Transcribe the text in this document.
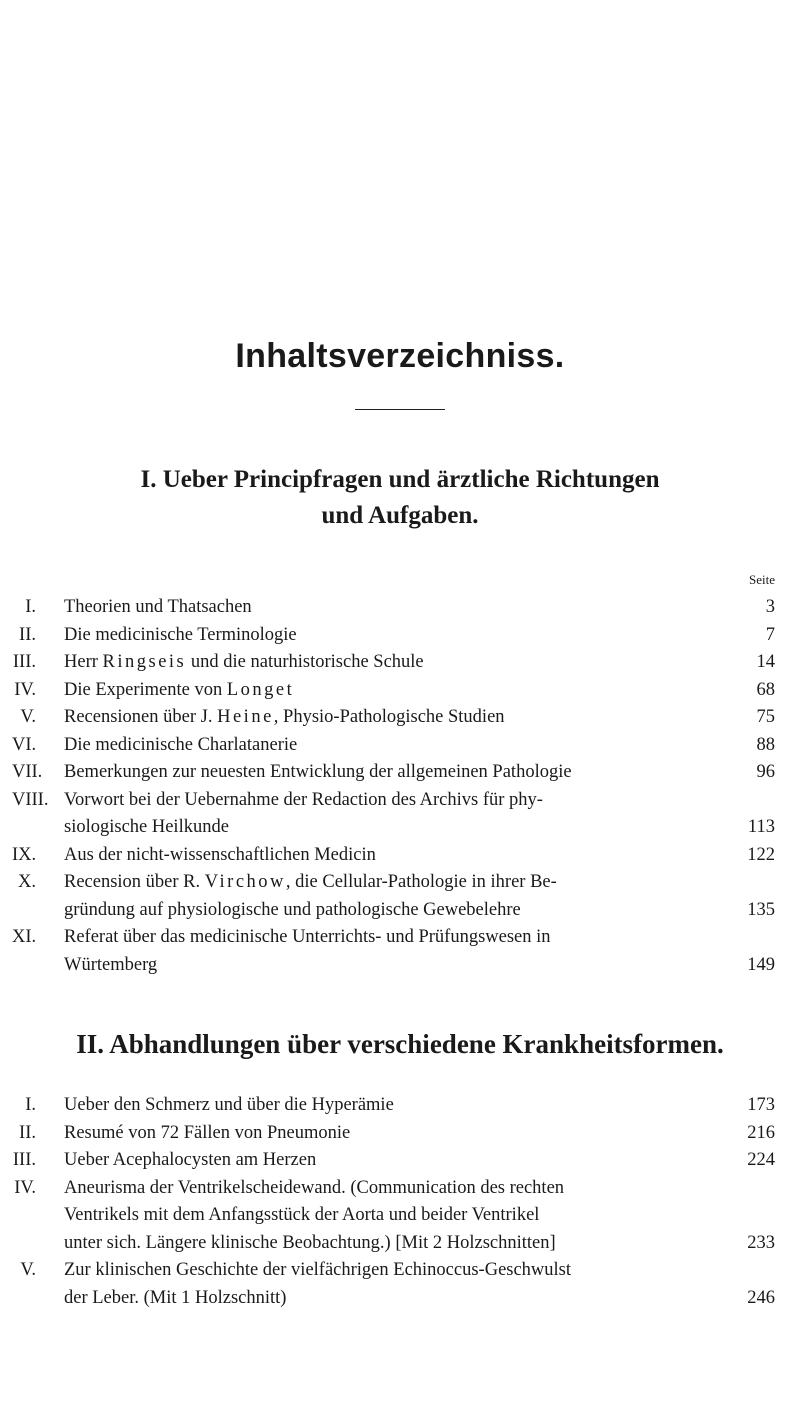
Inhaltsverzeichniss.
I. Ueber Principfragen und ärztliche Richtungen
und Aufgaben.
Seite
I. Theorien und Thatsachen	3
II. Die medicinische Terminologie	7
III. Herr Ringseis und die naturhistorische Schule	14
IV. Die Experimente von Longet	68
V. Recensionen über J. Heine, Physio-Pathologische Studien	75
VI. Die medicinische Charlatanerie	88
VII. Bemerkungen zur neuesten Entwicklung der allgemeinen Pathologie	96
VIII. Vorwort bei der Uebernahme der Redaction des Archivs für phy-
siologische Heilkunde	113
IX. Aus der nicht-wissenschaftlichen Medicin	122
X. Recension über R. Virchow, die Cellular-Pathologie in ihrer Be-
gründung auf physiologische und pathologische Gewebelehre	135
XI. Referat über das medicinische Unterrichts- und Prüfungswesen in
Würtemberg	149
II. Abhandlungen über verschiedene Krankheitsformen.
I. Ueber den Schmerz und über die Hyperämie	173
II. Resumé von 72 Fällen von Pneumonie	216
III. Ueber Acephalocysten am Herzen	224
IV. Aneurisma der Ventrikelscheidewand. (Communication des rechten
Ventrikels mit dem Anfangsstück der Aorta und beider Ventrikel
unter sich. Längere klinische Beobachtung.) [Mit 2 Holzschnitten]	233
V. Zur klinischen Geschichte der vielfächrigen Echinoccus-Geschwulst
der Leber. (Mit 1 Holzschnitt)	246
